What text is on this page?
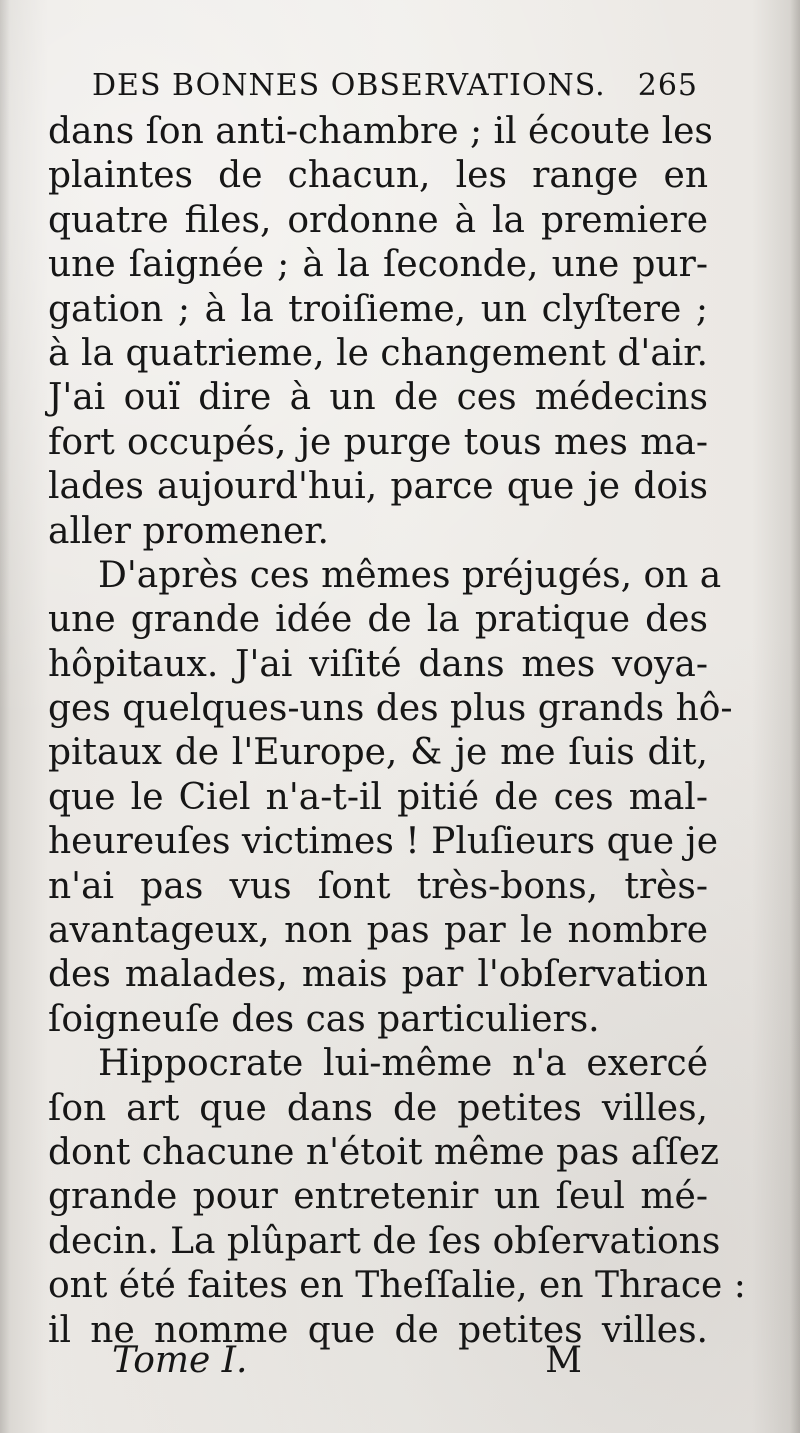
DES BONNES OBSERVATIONS. 265
dans ſon anti-chambre ; il écoute les
plaintes de chacun, les range en
quatre files, ordonne à la premiere
une ſaignée ; à la ſeconde, une pur-
gation ; à la troiſieme, un clyſtere ;
à la quatrieme, le changement d'air.
J'ai ouï dire à un de ces médecins
fort occupés, je purge tous mes ma-
lades aujourd'hui, parce que je dois
aller promener.
D'après ces mêmes préjugés, on a
une grande idée de la pratique des
hôpitaux. J'ai viſité dans mes voya-
ges quelques-uns des plus grands hô-
pitaux de l'Europe, & je me ſuis dit,
que le Ciel n'a-t-il pitié de ces mal-
heureuſes victimes ! Pluſieurs que je
n'ai pas vus ſont très-bons, très-
avantageux, non pas par le nombre
des malades, mais par l'obſervation
ſoigneuſe des cas particuliers.
Hippocrate lui-même n'a exercé
ſon art que dans de petites villes,
dont chacune n'étoit même pas aſſez
grande pour entretenir un ſeul mé-
decin. La plûpart de ſes obſervations
ont été faites en Theſſalie, en Thrace :
il ne nomme que de petites villes.
Tome I.	M
